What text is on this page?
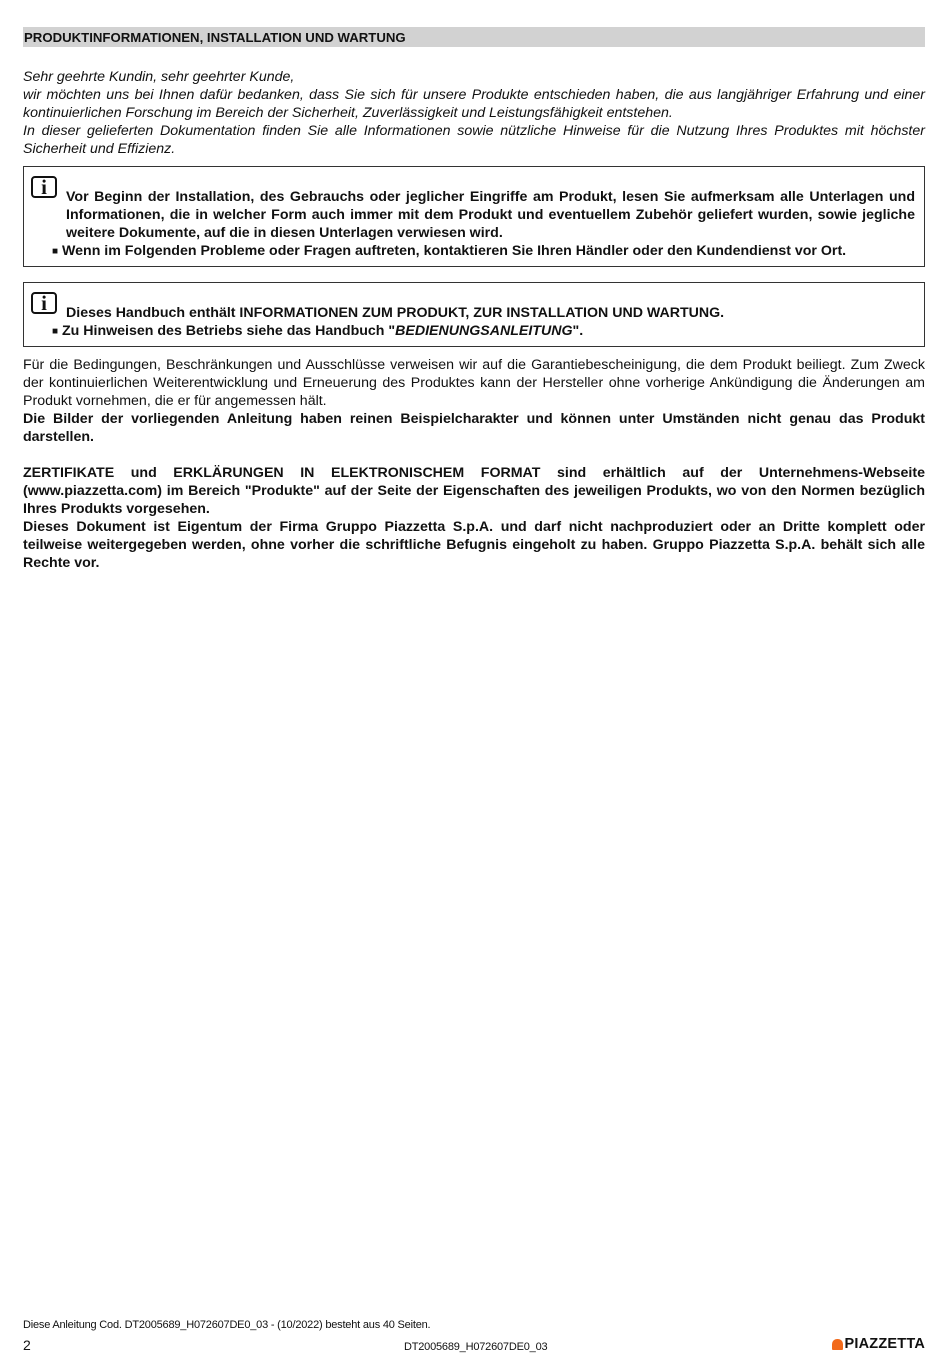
PRODUKTINFORMATIONEN, INSTALLATION UND WARTUNG

Sehr geehrte Kundin, sehr geehrter Kunde,

wir möchten uns bei Ihnen dafür bedanken, dass Sie sich für unsere Produkte entschieden haben, die aus langjähriger Erfahrung und einer kontinuierlichen Forschung im Bereich der Sicherheit, Zuverlässigkeit und Leistungsfähigkeit entstehen.

In dieser gelieferten Dokumentation finden Sie alle Informationen sowie nützliche Hinweise für die Nutzung Ihres Produktes mit höchster Sicherheit und Effizienz.

i	Vor Beginn der Installation, des Gebrauchs oder jeglicher Eingriffe am Produkt, lesen Sie aufmerksam alle Unterlagen und Informationen, die in welcher Form auch immer mit dem Produkt und eventuellem Zubehör geliefert wurden, sowie jegliche weitere Dokumente, auf die in diesen Unterlagen verwiesen wird.

■ Wenn im Folgenden Probleme oder Fragen auftreten, kontaktieren Sie Ihren Händler oder den Kundendienst vor Ort.

i	Dieses Handbuch enthält INFORMATIONEN ZUM PRODUKT, ZUR INSTALLATION UND WARTUNG.

■ Zu Hinweisen des Betriebs siehe das Handbuch "BEDIENUNGSANLEITUNG".

Für die Bedingungen, Beschränkungen und Ausschlüsse verweisen wir auf die Garantiebescheinigung, die dem Produkt beiliegt. Zum Zweck der kontinuierlichen Weiterentwicklung und Erneuerung des Produktes kann der Hersteller ohne vorherige Ankündigung die Änderungen am Produkt vornehmen, die er für angemessen hält.

Die Bilder der vorliegenden Anleitung haben reinen Beispielcharakter und können unter Umständen nicht genau das Produkt darstellen.

ZERTIFIKATE und ERKLÄRUNGEN IN ELEKTRONISCHEM FORMAT sind erhältlich auf der Unternehmens-Webseite (www.piazzetta.com) im Bereich "Produkte" auf der Seite der Eigenschaften des jeweiligen Produkts, wo von den Normen bezüglich Ihres Produkts vorgesehen.

Dieses Dokument ist Eigentum der Firma Gruppo Piazzetta S.p.A. und darf nicht nachproduziert oder an Dritte komplett oder teilweise weitergegeben werden, ohne vorher die schriftliche Befugnis eingeholt zu haben. Gruppo Piazzetta S.p.A. behält sich alle Rechte vor.

Diese Anleitung Cod. DT2005689_H072607DE0_03 - (10/2022) besteht aus 40 Seiten.
2	DT2005689_H072607DE0_03	PIAZZETTA
